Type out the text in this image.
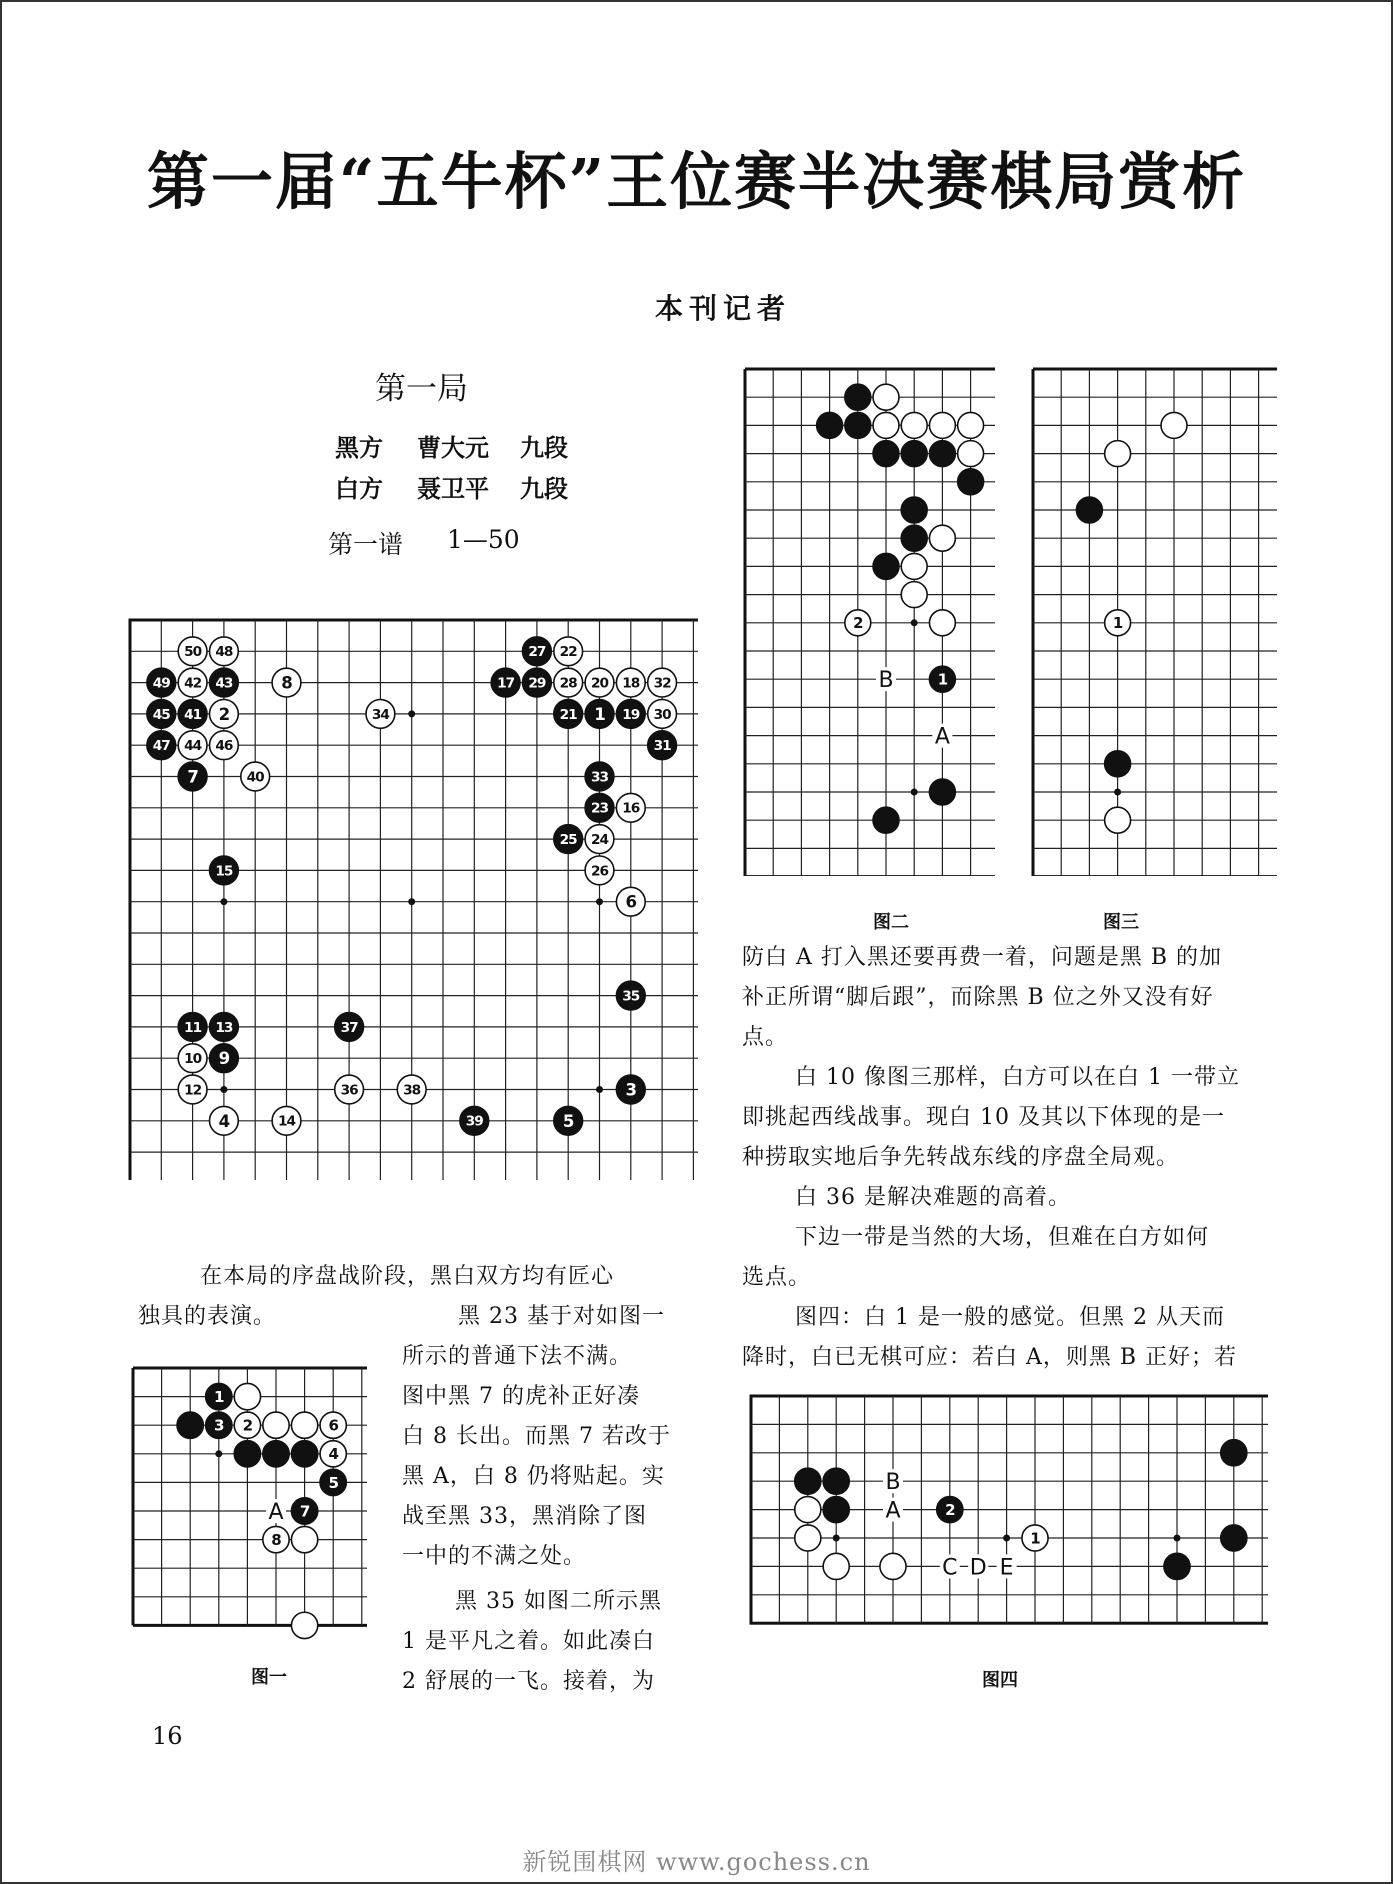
第一届“五牛杯”王位赛半决赛棋局赏析
本刊记者
第一局
黑方 曹大元 九段
白方 聂卫平 九段
第一谱 1—50
50 48
49 42 43	8
45 41 2	34
47 44 46
7	40
15
27 22
17 29 28 20 18 32
21 1 19 30
31
33
23 16
25 24
26
6
35
11 13	37
10 9
12	36	38	3
4	14	39	5
A
1
3 2	6
4
5
7
8
B
A
2
1
1
B
A
C D E
2
1
图一
图二	图三
图四
在本局的序盘战阶段，黑白双方均有匠心
独具的表演。	黑 23 基于对如图一
所示的普通下法不满。
图中黑 7 的虎补正好凑
白 8 长出。而黑 7 若改于
黑 A，白 8 仍将贴起。实
战至黑 33，黑消除了图
一中的不满之处。
黑 35 如图二所示黑
1 是平凡之着。如此凑白
2 舒展的一飞。接着，为
防白 A 打入黑还要再费一着，问题是黑 B 的加
补正所谓“脚后跟”，而除黑 B 位之外又没有好
点。
白 10 像图三那样，白方可以在白 1 一带立
即挑起西线战事。现白 10 及其以下体现的是一
种捞取实地后争先转战东线的序盘全局观。
白 36 是解决难题的高着。
下边一带是当然的大场，但难在白方如何
选点。
图四：白 1 是一般的感觉。但黑 2 从天而
降时，白已无棋可应：若白 A，则黑 B 正好；若
16
新锐围棋网 www.gochess.cn
